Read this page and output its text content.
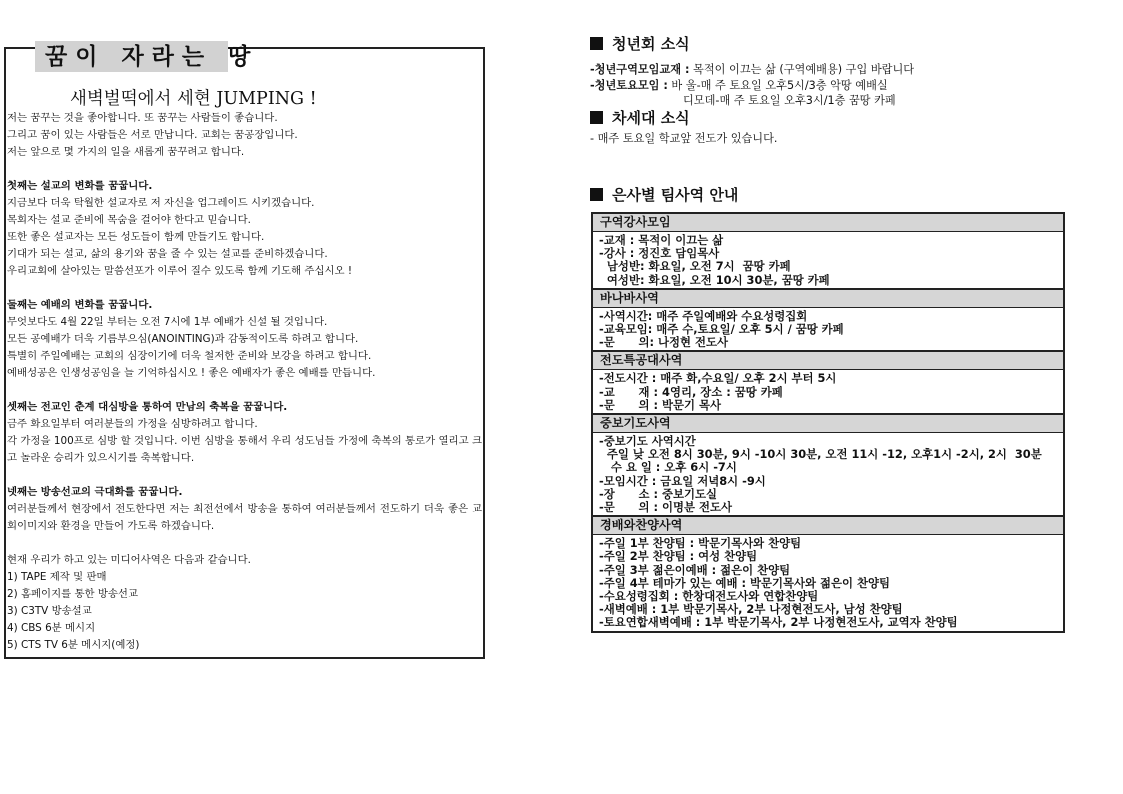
꿈이 자라는 땅
새벽벌떡에서 세현 JUMPING !

저는 꿈꾸는 것을 좋아합니다. 또 꿈꾸는 사람들이 좋습니다.

그리고 꿈이 있는 사람들은 서로 만납니다. 교회는 꿈공장입니다.

저는 앞으로 몇 가지의 일을 새롭게 꿈꾸려고 합니다.

첫째는 설교의 변화를 꿈꿉니다.

지금보다 더욱 탁월한 설교자로 저 자신을 업그레이드 시키겠습니다.

목회자는 설교 준비에 목숨을 걸어야 한다고 믿습니다.

또한 좋은 설교자는 모든 성도들이 함께 만들기도 합니다.

기대가 되는 설교, 삶의 용기와 꿈을 줄 수 있는 설교를 준비하겠습니다.

우리교회에 살아있는 말씀선포가 이루어 질수 있도록 함께 기도해 주십시오 !

둘째는 예배의 변화를 꿈꿉니다.

무엇보다도 4월 22일 부터는 오전 7시에 1부 예배가 신설 될 것입니다.

모든 공예배가 더욱 기름부으심(ANOINTING)과 감동적이도록 하려고 합니다.

특별히 주일예배는 교회의 심장이기에 더욱 철저한 준비와 보강을 하려고 합니다.

예배성공은 인생성공임을 늘 기억하십시오 ! 좋은 예배자가 좋은 예배를 만듭니다.

셋째는 전교인 춘계 대심방을 통하여 만남의 축복을 꿈꿉니다.

금주 화요일부터 여러분들의 가정을 심방하려고 합니다.

각 가정을 100프로 심방 할 것입니다. 이번 심방을 통해서 우리 성도님들 가정에 축복의 통로가 열리고 크고 놀라운 승리가 있으시기를 축복합니다.

넷째는 방송선교의 극대화를 꿈꿉니다.

여러분들께서 현장에서 전도한다면 저는 최전선에서 방송을 통하여 여러분들께서 전도하기 더욱 좋은 교회이미지와 환경을 만들어 가도록 하겠습니다.

현재 우리가 하고 있는 미디어사역은 다음과 같습니다.

1) TAPE 제작 및 판매

2) 홈페이지를 통한 방송선교

3) C3TV 방송설교

4) CBS 6분 메시지

5) CTS TV 6분 메시지(예정)

청년회 소식
-청년구역모임교재 : 목적이 이끄는 삶 (구역예배용) 구입 바랍니다
-청년토요모임 : 바 울-매 주 토요일 오후5시/3층 악땅 예배실
디모데-매 주 토요일 오후3시/1층 꿈땅 카페
차세대 소식
- 매주 토요일 학교앞 전도가 있습니다.
은사별 팀사역 안내
구역강사모임
-교재 : 목적이 이끄는 삶
-강사 : 정진호 담임목사
남성반: 화요일, 오전 7시  꿈땅 카페
여성반: 화요일, 오전 10시 30분, 꿈땅 카페
바나바사역
-사역시간: 매주 주일예배와 수요성령집회
-교육모임: 매주 수,토요일/ 오후 5시 / 꿈땅 카페
-문      의: 나정현 전도사
전도특공대사역
-전도시간 : 매주 화,수요일/ 오후 2시 부터 5시
-교      재 : 4영리, 장소 : 꿈땅 카페
-문      의 : 박문기 목사
중보기도사역
-중보기도 사역시간
주일 낮 오전 8시 30분, 9시 -10시 30분, 오전 11시 -12, 오후1시 -2시, 2시  30분
수 요 일 : 오후 6시 -7시
-모임시간 : 금요일 저녁8시 -9시
-장      소 : 중보기도실
-문      의 : 이명분 전도사
경배와찬양사역
-주일 1부 찬양팀 : 박문기목사와 찬양팀
-주일 2부 찬양팀 : 여성 찬양팀
-주일 3부 젊은이예배 : 젊은이 찬양팀
-주일 4부 테마가 있는 예배 : 박문기목사와 젊은이 찬양팀
-수요성령집회 : 한창대전도사와 연합찬양팀
-새벽예배 : 1부 박문기목사, 2부 나정현전도사, 남성 찬양팀
-토요연합새벽예배 : 1부 박문기목사, 2부 나정현전도사, 교역자 찬양팀
